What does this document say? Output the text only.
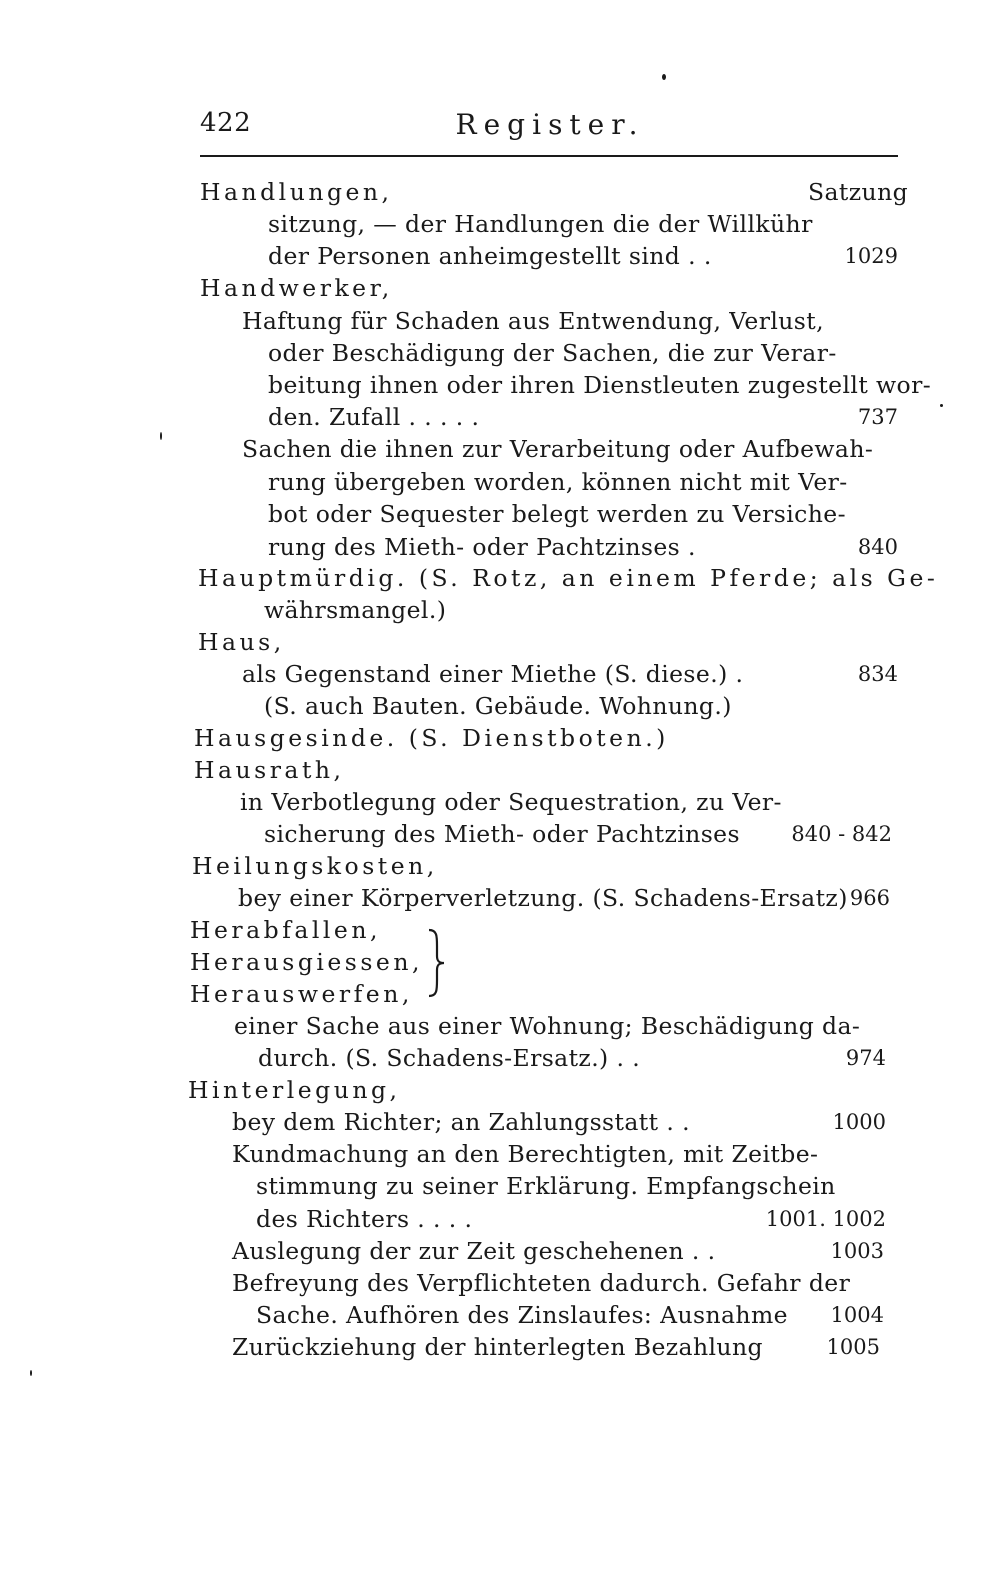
422	Register.
Handlungen,	Satzung
sitzung, — der Handlungen die der Willkühr
der Personen anheimgestellt sind . .	1029
Handwerker,
Haftung für Schaden aus Entwendung, Verlust,
oder Beschädigung der Sachen, die zur Verar-
beitung ihnen oder ihren Dienstleuten zugestellt wor-
den. Zufall . . . . .	737
Sachen die ihnen zur Verarbeitung oder Aufbewah-
rung übergeben worden, können nicht mit Ver-
bot oder Sequester belegt werden zu Versiche-
rung des Mieth- oder Pachtzinses .	840
Hauptmürdig. (S. Rotz, an einem Pferde; als Ge-
währsmangel.)
Haus,
als Gegenstand einer Miethe (S. diese.) .	834
(S. auch Bauten. Gebäude. Wohnung.)
Hausgesinde. (S. Dienstboten.)
Hausrath,
in Verbotlegung oder Sequestration, zu Ver-
sicherung des Mieth- oder Pachtzinses	840 - 842
Heilungskosten,
bey einer Körperverletzung. (S. Schadens-Ersatz) 966
Herabfallen,
Herausgiessen,
Herauswerfen,
einer Sache aus einer Wohnung; Beschädigung da-
durch. (S. Schadens-Ersatz.) . .	974
Hinterlegung,
bey dem Richter; an Zahlungsstatt . .	1000
Kundmachung an den Berechtigten, mit Zeitbe-
stimmung zu seiner Erklärung. Empfangschein
des Richters . . . .	1001. 1002
Auslegung der zur Zeit geschehenen . .	1003
Befreyung des Verpflichteten dadurch. Gefahr der
Sache. Aufhören des Zinslaufes: Ausnahme	1004
Zurückziehung der hinterlegten Bezahlung	1005
